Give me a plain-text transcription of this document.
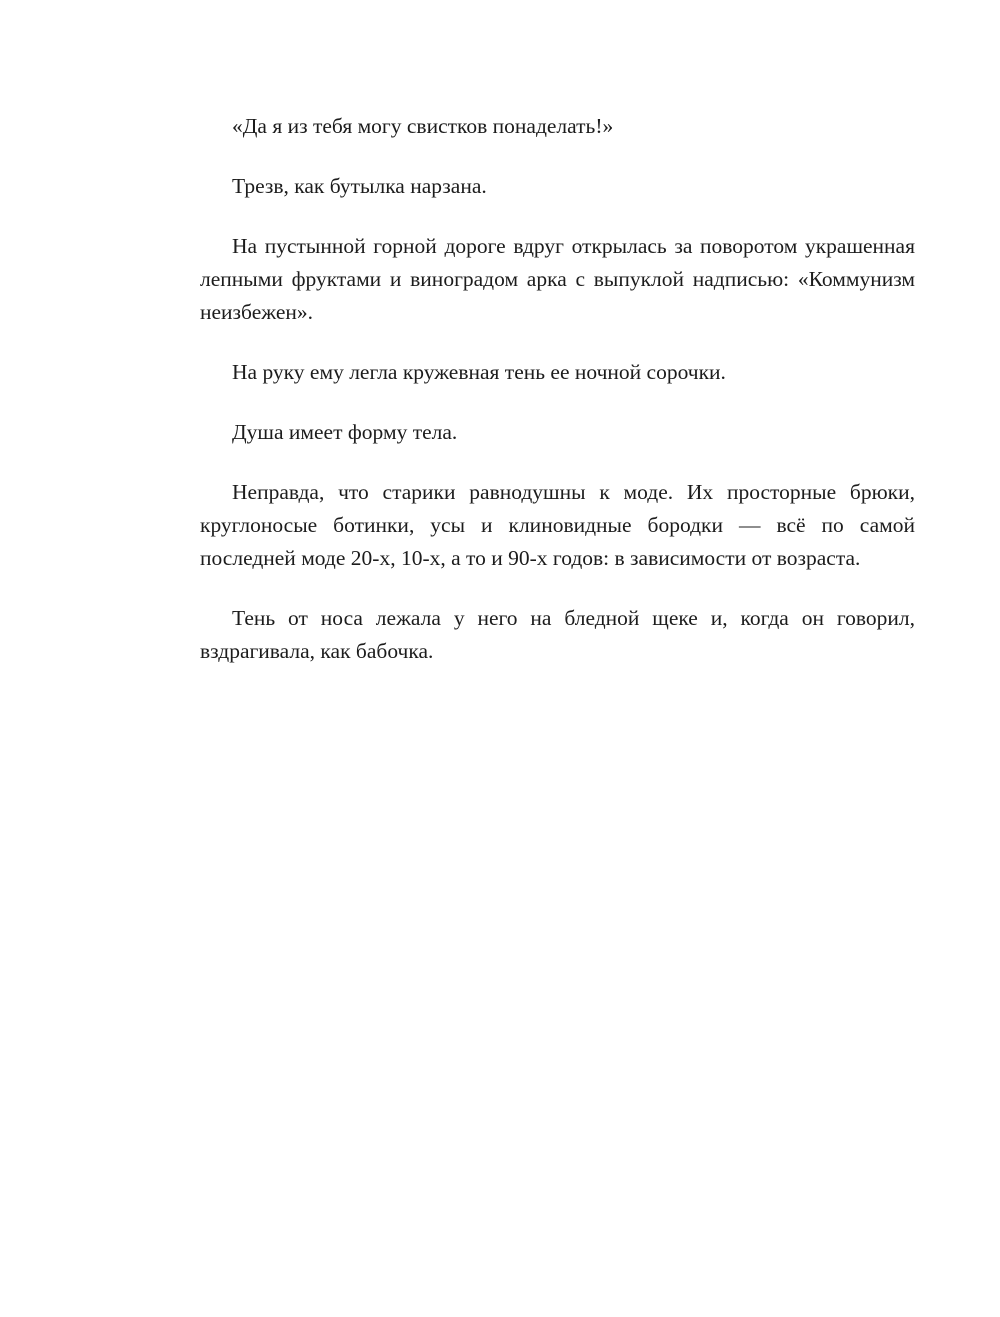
«Да я из тебя могу свистков понаделать!»

Трезв, как бутылка нарзана.

На пустынной горной дороге вдруг открылась за поворотом украшенная лепными фруктами и виноградом арка с выпуклой надписью: «Коммунизм неизбежен».

На руку ему легла кружевная тень ее ночной сорочки.

Душа имеет форму тела.

Неправда, что старики равнодушны к моде. Их просторные брюки, круглоносые ботинки, усы и клиновидные бородки — всё по самой последней моде 20-х, 10-х, а то и 90-х годов: в зависимости от возраста.

Тень от носа лежала у него на бледной щеке и, когда он говорил, вздрагивала, как бабочка.
